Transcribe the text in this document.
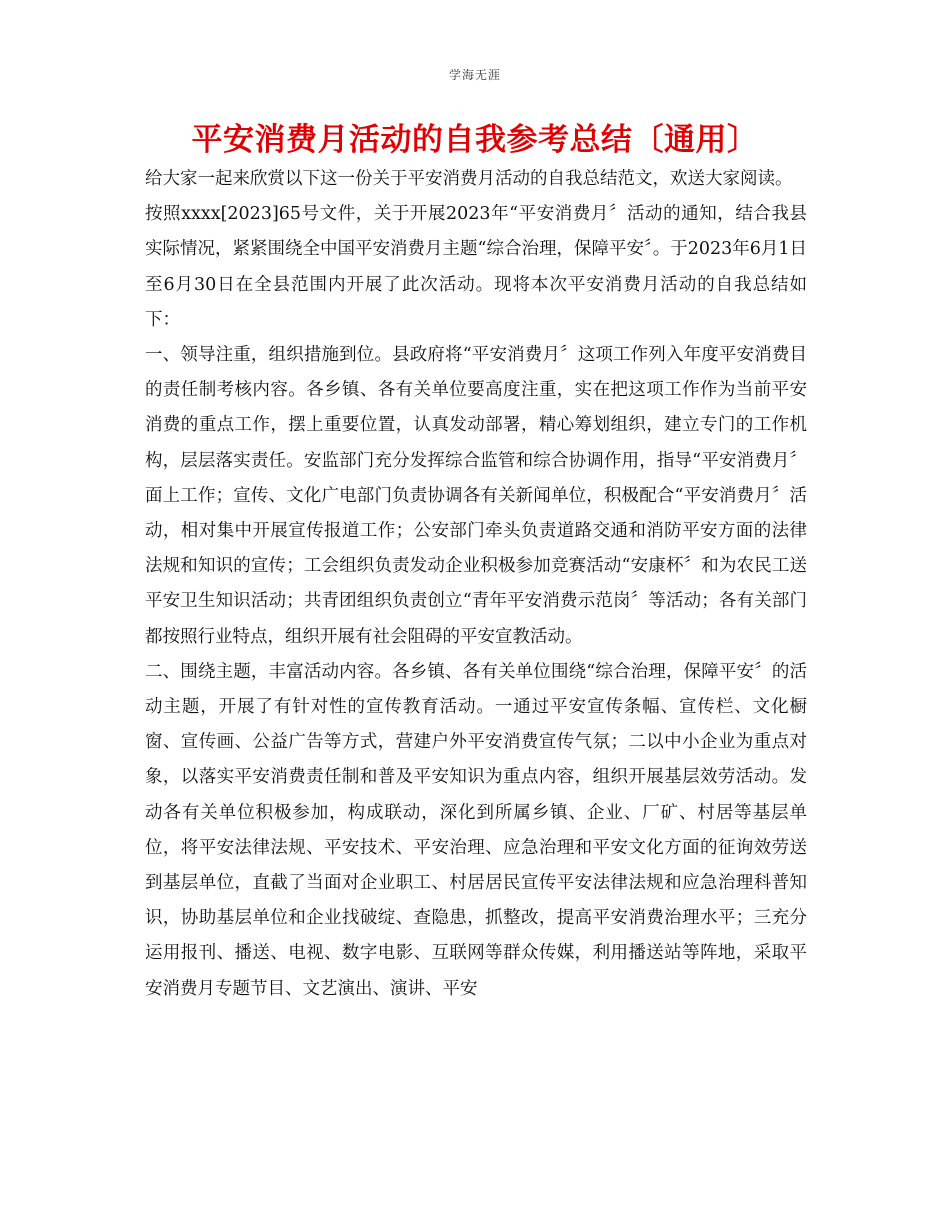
学海无涯
平安消费月活动的自我参考总结〔通用〕

给大家一起来欣赏以下这一份关于平安消费月活动的自我总结范文，欢送大家阅读。

按照xxxx[2023]65号文件，关于开展2023年“平安消费月〞活动的通知，结合我县实际情况，紧紧围绕全中国平安消费月主题“综合治理，保障平安〞。于2023年6月1日至6月30日在全县范围内开展了此次活动。现将本次平安消费月活动的自我总结如下：

一、领导注重，组织措施到位。县政府将“平安消费月〞这项工作列入年度平安消费目的责任制考核内容。各乡镇、各有关单位要高度注重，实在把这项工作作为当前平安消费的重点工作，摆上重要位置，认真发动部署，精心筹划组织，建立专门的工作机构，层层落实责任。安监部门充分发挥综合监管和综合协调作用，指导“平安消费月〞面上工作；宣传、文化广电部门负责协调各有关新闻单位，积极配合“平安消费月〞活动，相对集中开展宣传报道工作；公安部门牵头负责道路交通和消防平安方面的法律法规和知识的宣传；工会组织负责发动企业积极参加竞赛活动“安康杯〞和为农民工送平安卫生知识活动；共青团组织负责创立“青年平安消费示范岗〞等活动；各有关部门都按照行业特点，组织开展有社会阻碍的平安宣教活动。

二、围绕主题，丰富活动内容。各乡镇、各有关单位围绕“综合治理，保障平安〞的活动主题，开展了有针对性的宣传教育活动。一通过平安宣传条幅、宣传栏、文化橱窗、宣传画、公益广告等方式，营建户外平安消费宣传气氛；二以中小企业为重点对象，以落实平安消费责任制和普及平安知识为重点内容，组织开展基层效劳活动。发动各有关单位积极参加，构成联动，深化到所属乡镇、企业、厂矿、村居等基层单位，将平安法律法规、平安技术、平安治理、应急治理和平安文化方面的征询效劳送到基层单位，直截了当面对企业职工、村居居民宣传平安法律法规和应急治理科普知识，协助基层单位和企业找破绽、查隐患，抓整改，提高平安消费治理水平；三充分运用报刊、播送、电视、数字电影、互联网等群众传媒，利用播送站等阵地，采取平安消费月专题节目、文艺演出、演讲、平安
